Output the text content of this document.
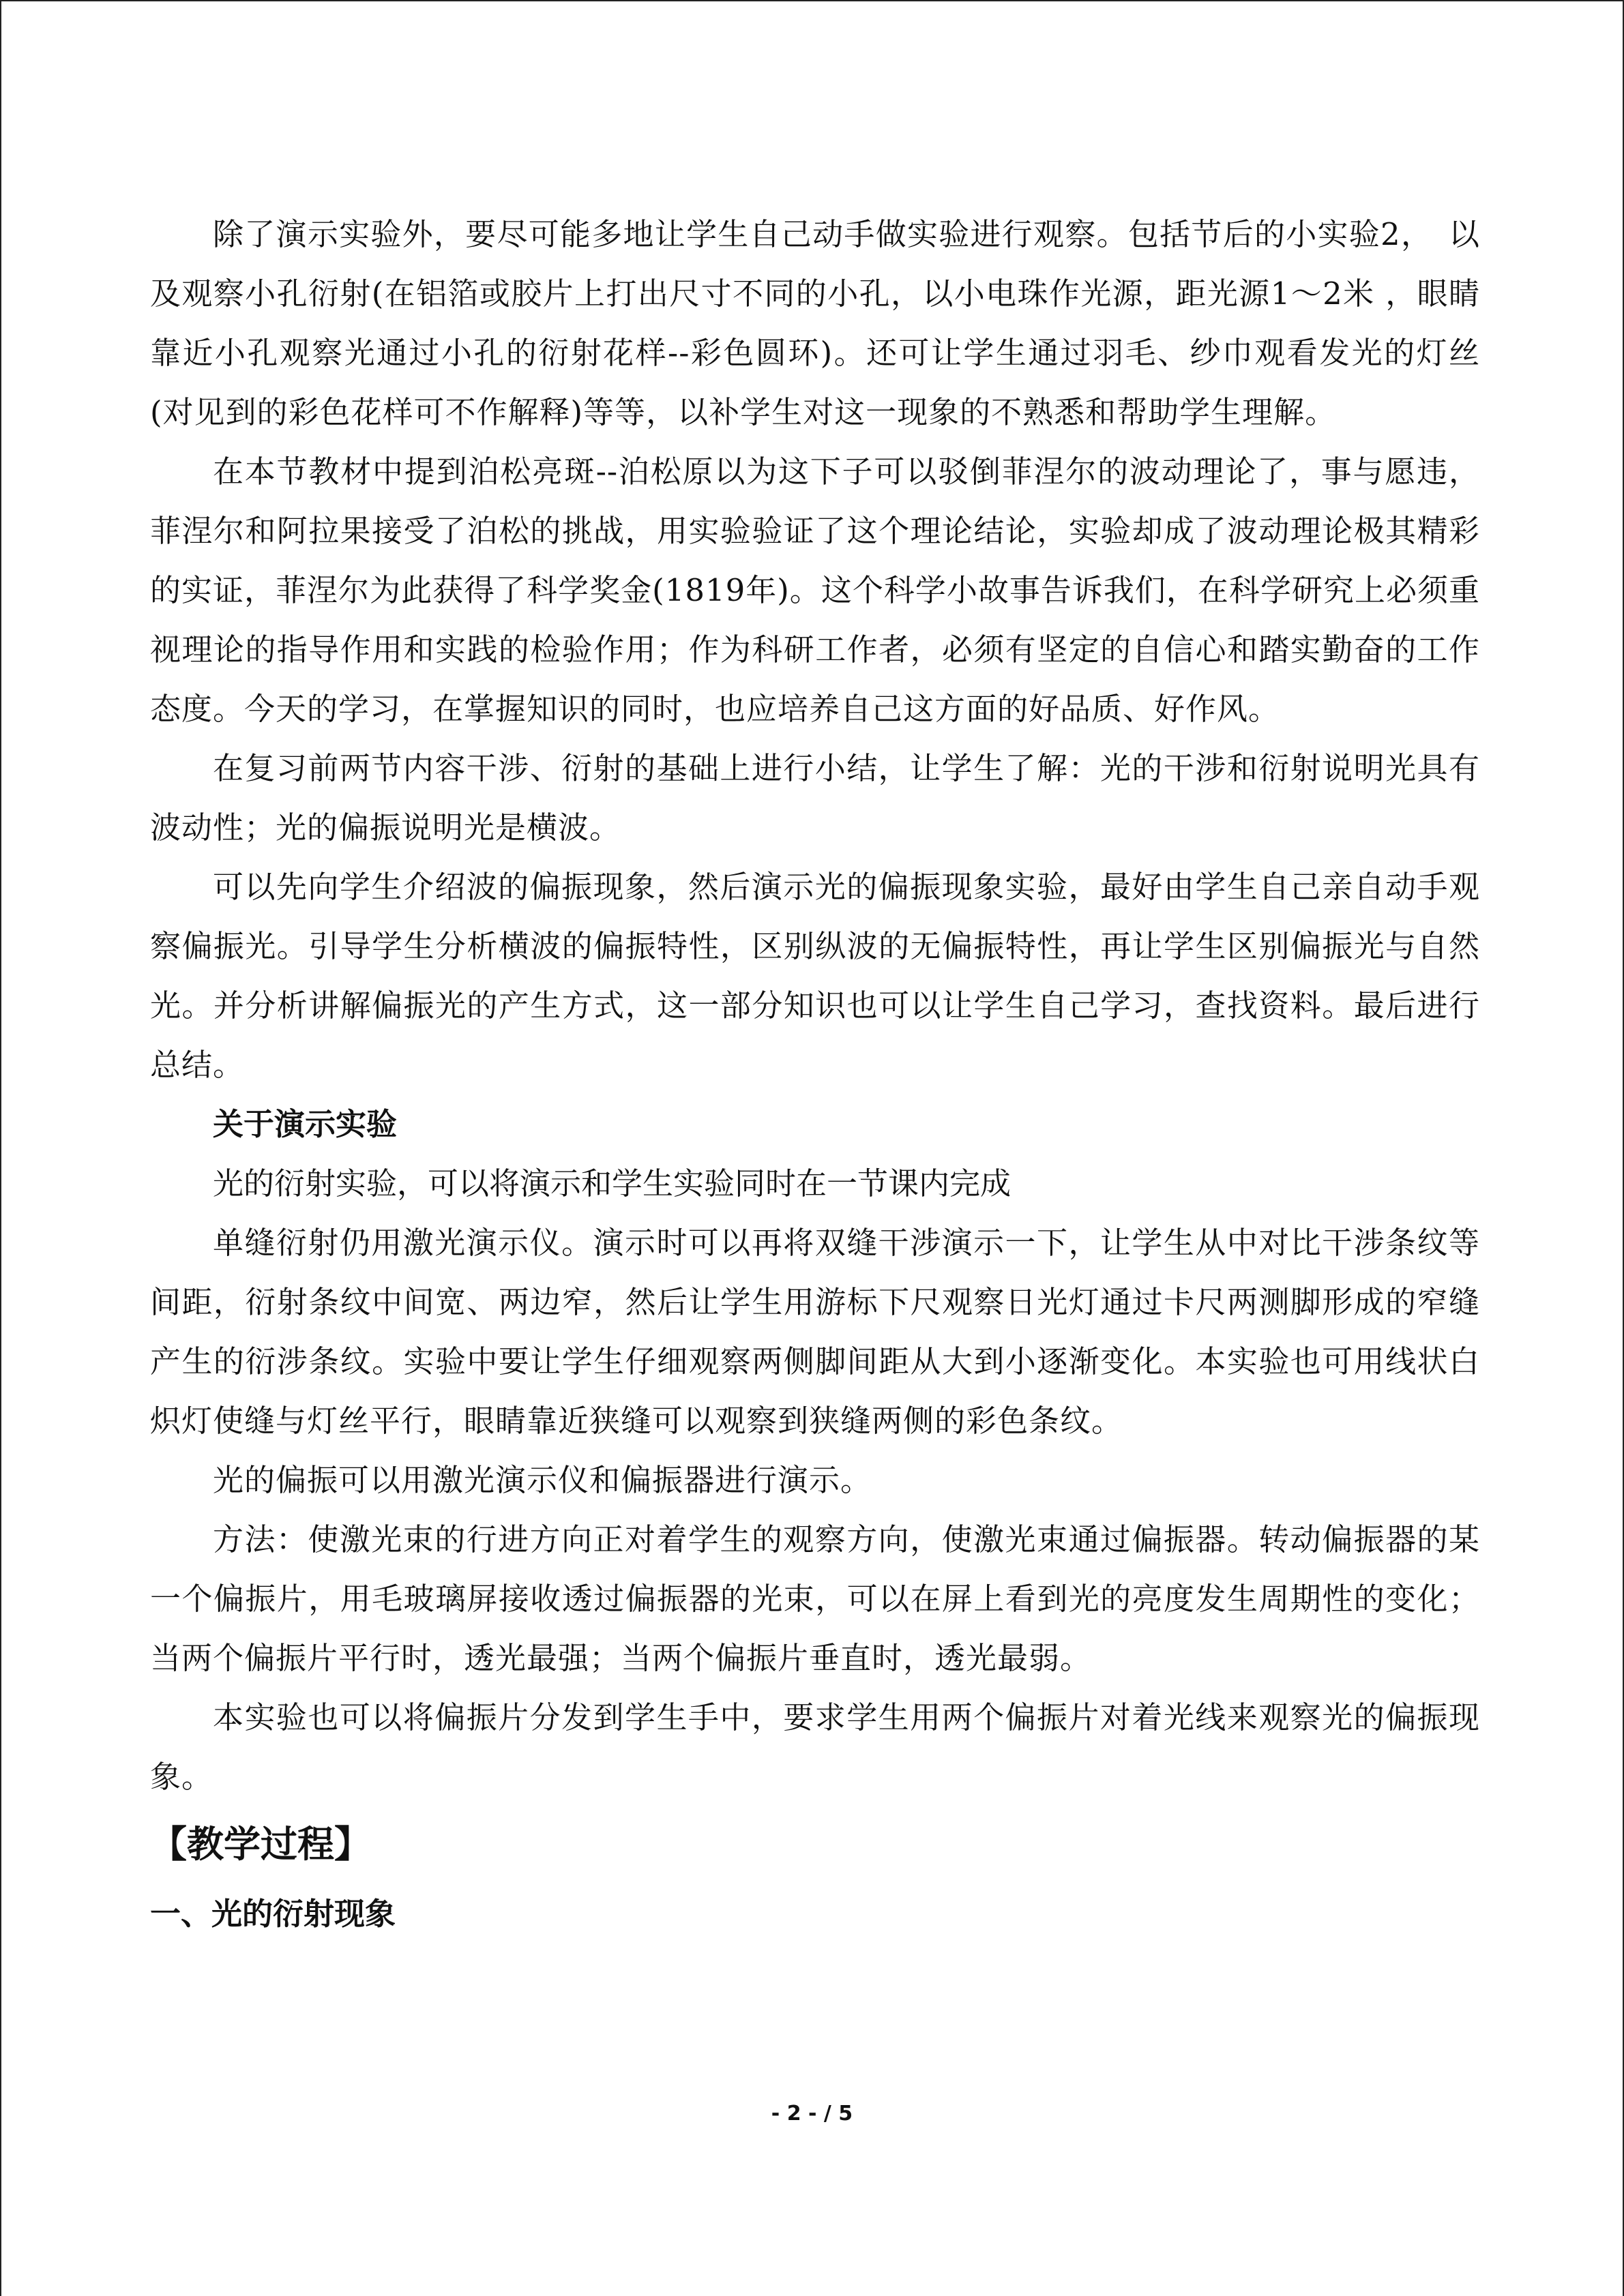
除了演示实验外，要尽可能多地让学生自己动手做实验进行观察。包括节后的小实验2，　以及观察小孔衍射(在铝箔或胶片上打出尺寸不同的小孔，以小电珠作光源，距光源1～2米 ，眼睛靠近小孔观察光通过小孔的衍射花样--彩色圆环)。还可让学生通过羽毛、纱巾观看发光的灯丝(对见到的彩色花样可不作解释)等等，以补学生对这一现象的不熟悉和帮助学生理解。

在本节教材中提到泊松亮斑--泊松原以为这下子可以驳倒菲涅尔的波动理论了，事与愿违，菲涅尔和阿拉果接受了泊松的挑战，用实验验证了这个理论结论，实验却成了波动理论极其精彩的实证，菲涅尔为此获得了科学奖金(1819年)。这个科学小故事告诉我们，在科学研究上必须重视理论的指导作用和实践的检验作用；作为科研工作者，必须有坚定的自信心和踏实勤奋的工作态度。今天的学习，在掌握知识的同时，也应培养自己这方面的好品质、好作风。

在复习前两节内容干涉、衍射的基础上进行小结，让学生了解：光的干涉和衍射说明光具有波动性；光的偏振说明光是横波。

可以先向学生介绍波的偏振现象，然后演示光的偏振现象实验，最好由学生自己亲自动手观察偏振光。引导学生分析横波的偏振特性，区别纵波的无偏振特性，再让学生区别偏振光与自然光。并分析讲解偏振光的产生方式，这一部分知识也可以让学生自己学习，查找资料。最后进行总结。

关于演示实验

光的衍射实验，可以将演示和学生实验同时在一节课内完成

单缝衍射仍用激光演示仪。演示时可以再将双缝干涉演示一下，让学生从中对比干涉条纹等间距，衍射条纹中间宽、两边窄，然后让学生用游标下尺观察日光灯通过卡尺两测脚形成的窄缝产生的衍涉条纹。实验中要让学生仔细观察两侧脚间距从大到小逐渐变化。本实验也可用线状白炽灯使缝与灯丝平行，眼睛靠近狭缝可以观察到狭缝两侧的彩色条纹。

光的偏振可以用激光演示仪和偏振器进行演示。

方法：使激光束的行进方向正对着学生的观察方向，使激光束通过偏振器。转动偏振器的某一个偏振片，用毛玻璃屏接收透过偏振器的光束，可以在屏上看到光的亮度发生周期性的变化；当两个偏振片平行时，透光最强；当两个偏振片垂直时，透光最弱。

本实验也可以将偏振片分发到学生手中，要求学生用两个偏振片对着光线来观察光的偏振现象。

【教学过程】

一、光的衍射现象

- 2 - / 5
